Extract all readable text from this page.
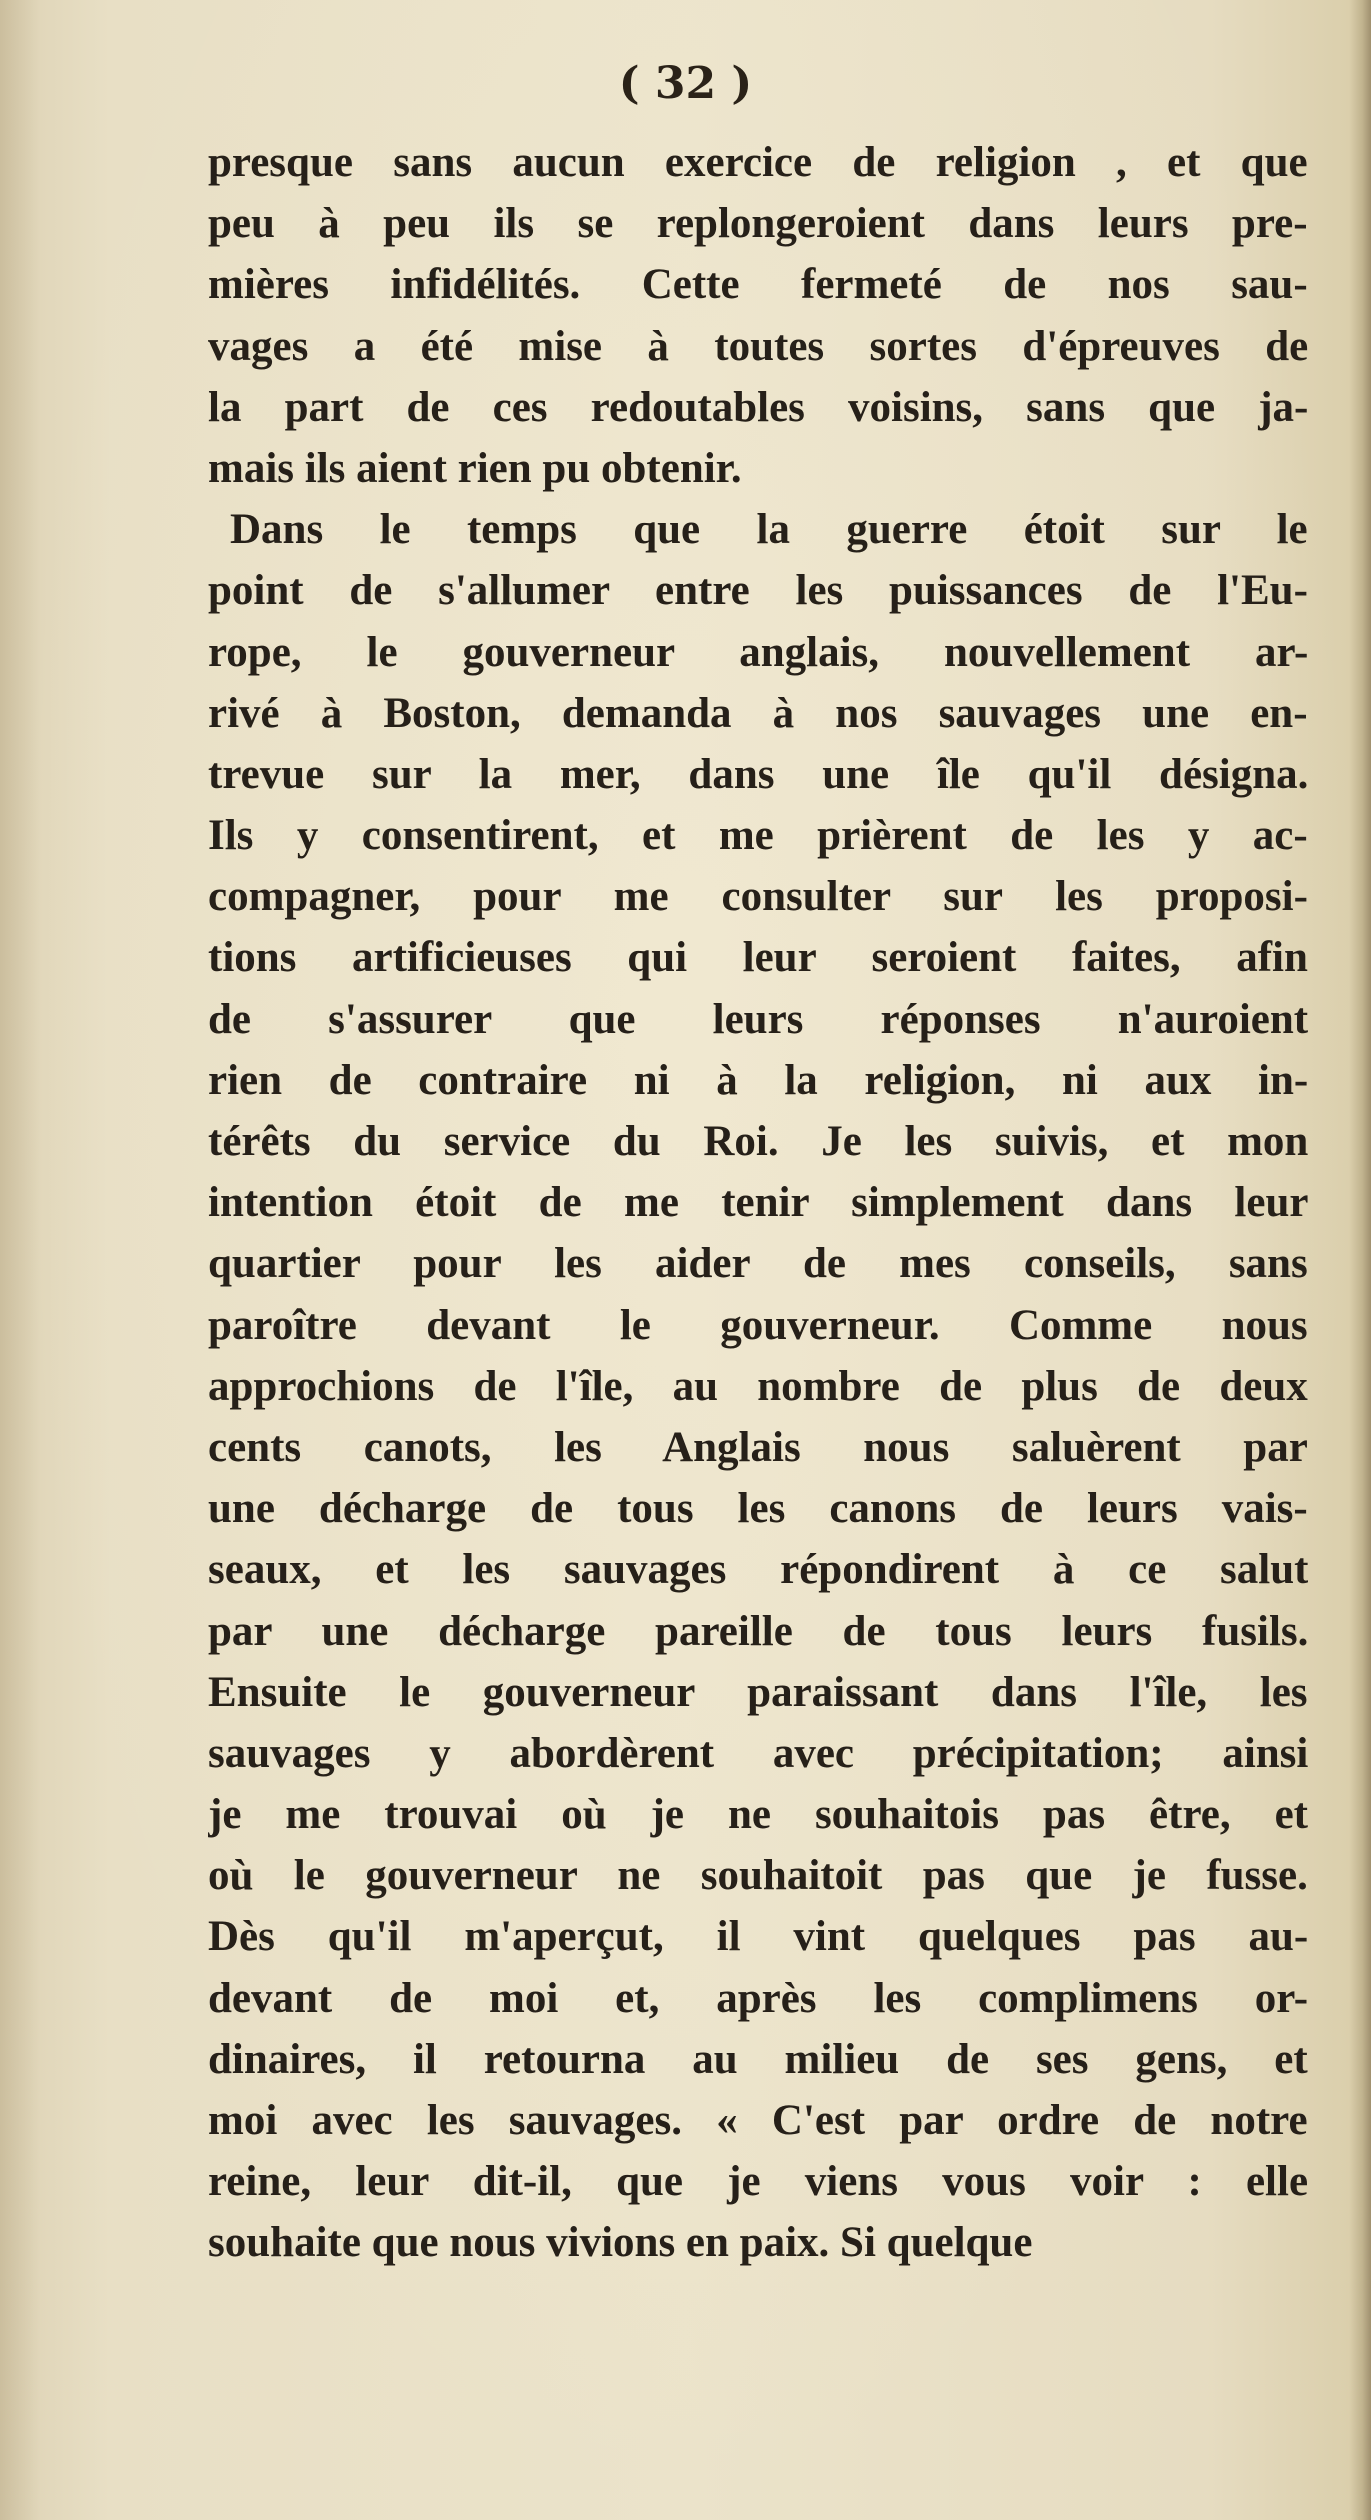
( 32 )
presque sans aucun exercice de religion , et que
peu à peu ils se replongeroient dans leurs pre-
mières infidélités. Cette fermeté de nos sau-
vages a été mise à toutes sortes d'épreuves de
la part de ces redoutables voisins, sans que ja-
mais ils aient rien pu obtenir.
Dans le temps que la guerre étoit sur le
point de s'allumer entre les puissances de l'Eu-
rope, le gouverneur anglais, nouvellement ar-
rivé à Boston, demanda à nos sauvages une en-
trevue sur la mer, dans une île qu'il désigna.
Ils y consentirent, et me prièrent de les y ac-
compagner, pour me consulter sur les proposi-
tions artificieuses qui leur seroient faites, afin
de s'assurer que leurs réponses n'auroient
rien de contraire ni à la religion, ni aux in-
térêts du service du Roi. Je les suivis, et mon
intention étoit de me tenir simplement dans leur
quartier pour les aider de mes conseils, sans
paroître devant le gouverneur. Comme nous
approchions de l'île, au nombre de plus de deux
cents canots, les Anglais nous saluèrent par
une décharge de tous les canons de leurs vais-
seaux, et les sauvages répondirent à ce salut
par une décharge pareille de tous leurs fusils.
Ensuite le gouverneur paraissant dans l'île, les
sauvages y abordèrent avec précipitation; ainsi
je me trouvai où je ne souhaitois pas être, et
où le gouverneur ne souhaitoit pas que je fusse.
Dès qu'il m'aperçut, il vint quelques pas au-
devant de moi et, après les complimens or-
dinaires, il retourna au milieu de ses gens, et
moi avec les sauvages. « C'est par ordre de notre
reine, leur dit-il, que je viens vous voir : elle
souhaite que nous vivions en paix. Si quelque
